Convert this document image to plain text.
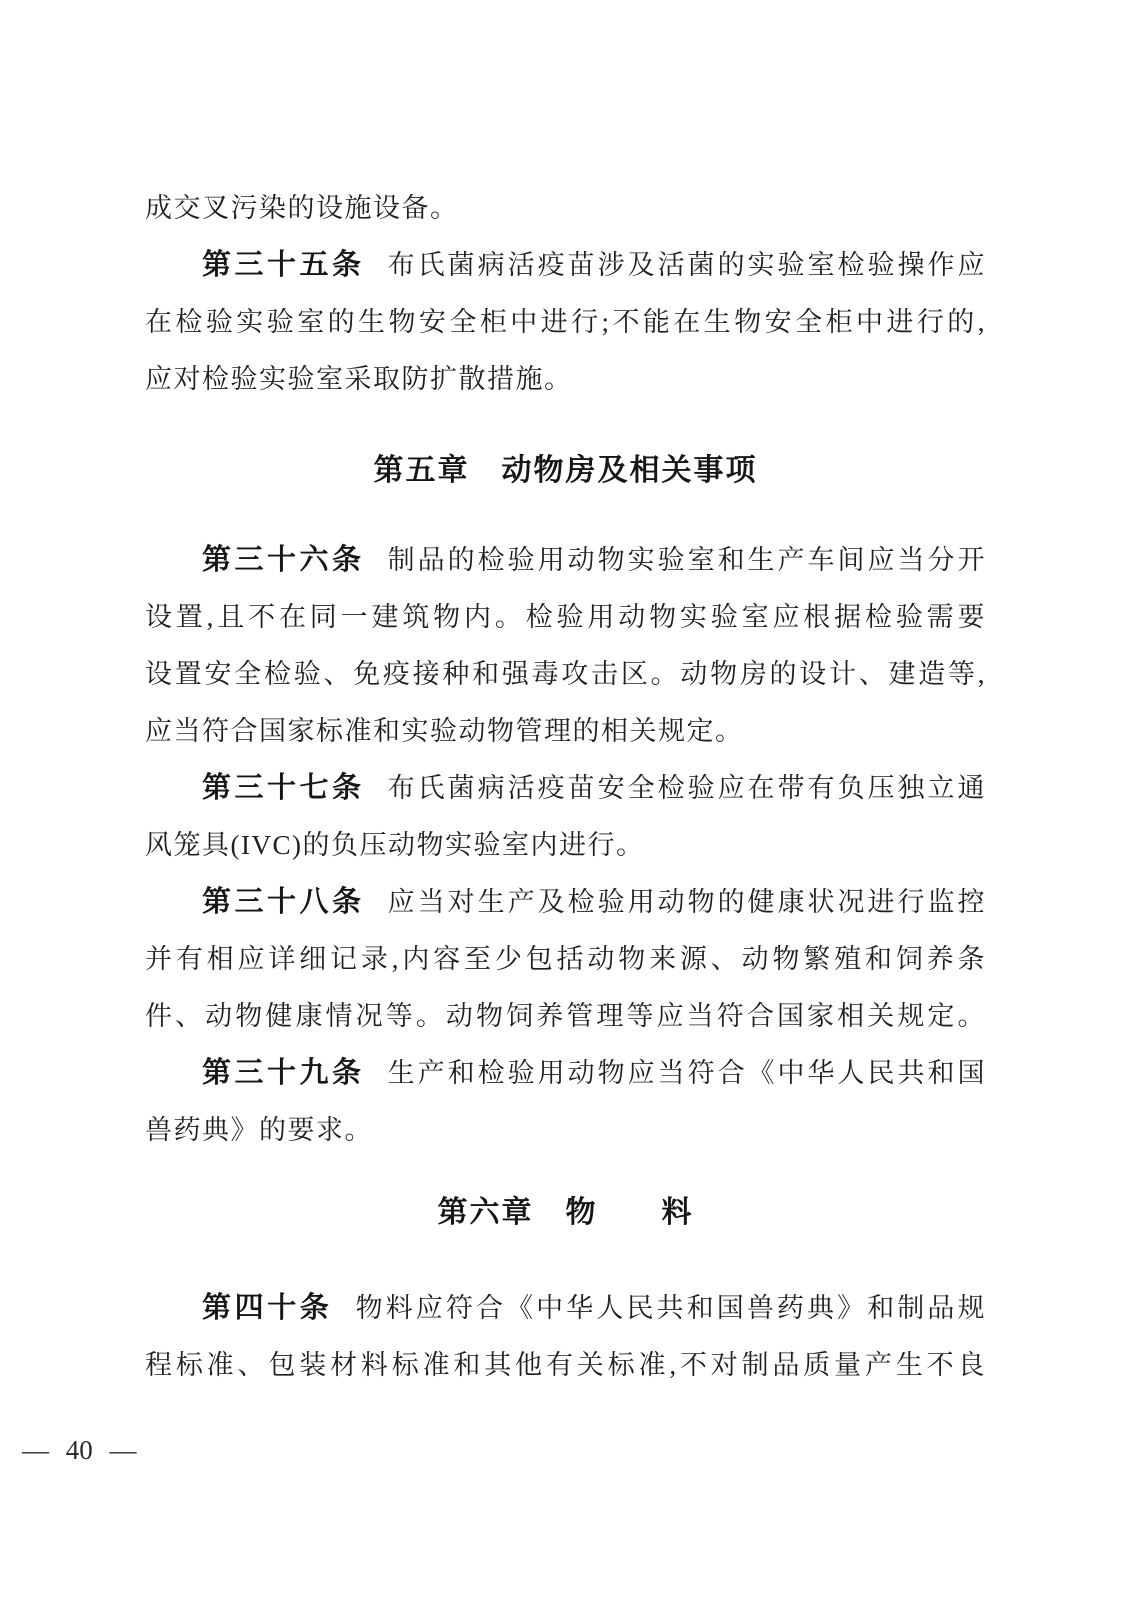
成交叉污染的设施设备。
第三十五条 布氏菌病活疫苗涉及活菌的实验室检验操作应
在检验实验室的生物安全柜中进行;不能在生物安全柜中进行的,
应对检验实验室采取防扩散措施。
第五章　动物房及相关事项
第三十六条 制品的检验用动物实验室和生产车间应当分开
设置,且不在同一建筑物内。检验用动物实验室应根据检验需要
设置安全检验、免疫接种和强毒攻击区。动物房的设计、建造等,
应当符合国家标准和实验动物管理的相关规定。
第三十七条 布氏菌病活疫苗安全检验应在带有负压独立通
风笼具(IVC)的负压动物实验室内进行。
第三十八条 应当对生产及检验用动物的健康状况进行监控
并有相应详细记录,内容至少包括动物来源、动物繁殖和饲养条
件、动物健康情况等。动物饲养管理等应当符合国家相关规定。
第三十九条 生产和检验用动物应当符合《中华人民共和国
兽药典》的要求。
第六章　物　　料
第四十条 物料应符合《中华人民共和国兽药典》和制品规
程标准、包装材料标准和其他有关标准,不对制品质量产生不良
— 40 —
